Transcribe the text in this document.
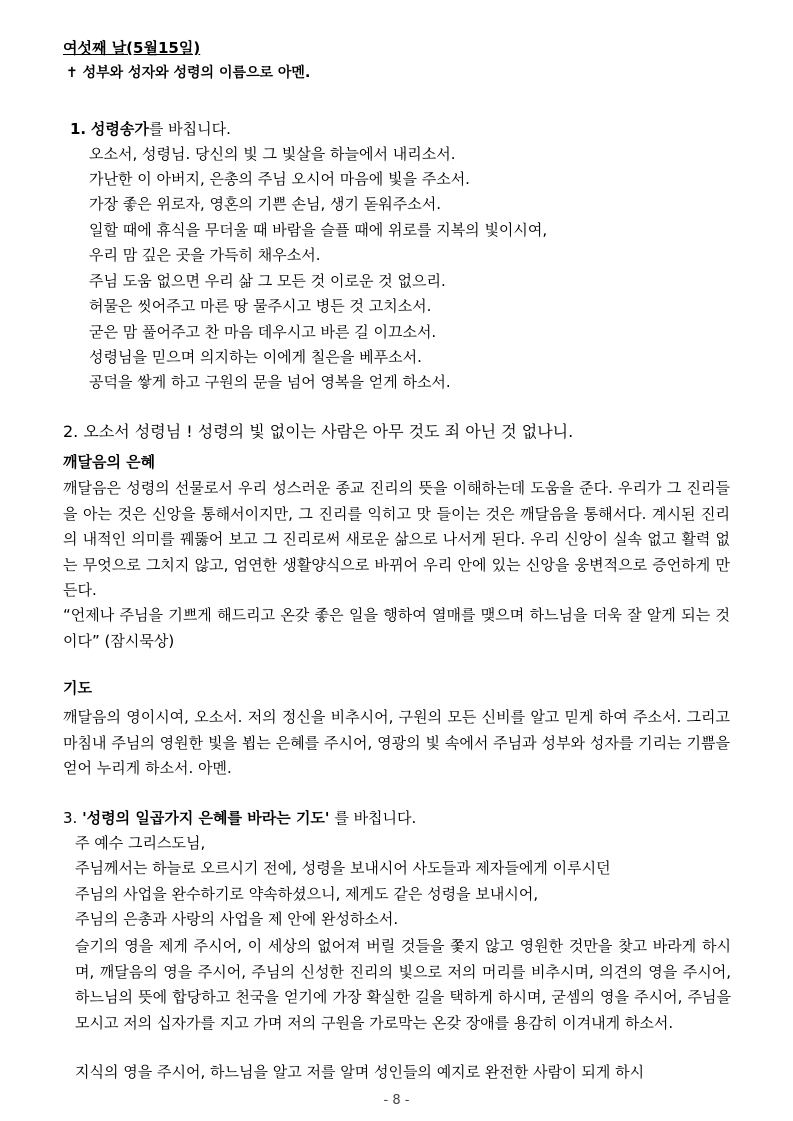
여섯째 날(5월15일)
✝ 성부와 성자와 성령의 이름으로 아멘.
1. 성령송가를 바칩니다.
오소서, 성령님. 당신의 빛 그 빛살을 하늘에서 내리소서.
가난한 이 아버지, 은총의 주님 오시어 마음에 빛을 주소서.
가장 좋은 위로자, 영혼의 기쁜 손님, 생기 돋워주소서.
일할 때에 휴식을 무더울 때 바람을 슬플 때에 위로를 지복의 빛이시여,
우리 맘 깊은 곳을 가득히 채우소서.
주님 도움 없으면 우리 삶 그 모든 것 이로운 것 없으리.
허물은 씻어주고 마른 땅 물주시고 병든 것 고치소서.
굳은 맘 풀어주고 찬 마음 데우시고 바른 길 이끄소서.
성령님을 믿으며 의지하는 이에게 칠은을 베푸소서.
공덕을 쌓게 하고 구원의 문을 넘어 영복을 얻게 하소서.
2. 오소서 성령님 ! 성령의 빛 없이는 사람은 아무 것도 죄 아닌 것 없나니.
깨달음의 은혜
깨달음은 성령의 선물로서 우리 성스러운 종교 진리의 뜻을 이해하는데 도움을 준다. 우리가 그 진리들을 아는 것은 신앙을 통해서이지만, 그 진리를 익히고 맛 들이는 것은 깨달음을 통해서다. 계시된 진리의 내적인 의미를 꿰뚫어 보고 그 진리로써 새로운 삶으로 나서게 된다. 우리 신앙이 실속 없고 활력 없는 무엇으로 그치지 않고, 엄연한 생활양식으로 바뀌어 우리 안에 있는 신앙을 웅변적으로 증언하게 만든다.
“언제나 주님을 기쁘게 해드리고 온갖 좋은 일을 행하여 열매를 맺으며 하느님을 더욱 잘 알게 되는 것이다” (잠시묵상)
기도
깨달음의 영이시여, 오소서. 저의 정신을 비추시어, 구원의 모든 신비를 알고 믿게 하여 주소서. 그리고 마침내 주님의 영원한 빛을 뵙는 은혜를 주시어, 영광의 빛 속에서 주님과 성부와 성자를 기리는 기쁨을 얻어 누리게 하소서. 아멘.
3. '성령의 일곱가지 은혜를 바라는 기도' 를 바칩니다.
주 예수 그리스도님,
주님께서는 하늘로 오르시기 전에, 성령을 보내시어 사도들과 제자들에게 이루시던
주님의 사업을 완수하기로 약속하셨으니, 제게도 같은 성령을 보내시어,
주님의 은총과 사랑의 사업을 제 안에 완성하소서.
슬기의 영을 제게 주시어, 이 세상의 없어져 버릴 것들을 쫓지 않고 영원한 것만을 찾고 바라게 하시며, 깨달음의 영을 주시어, 주님의 신성한 진리의 빛으로 저의 머리를 비추시며, 의견의 영을 주시어, 하느님의 뜻에 합당하고 천국을 얻기에 가장 확실한 길을 택하게 하시며, 굳셈의 영을 주시어, 주님을 모시고 저의 십자가를 지고 가며 저의 구원을 가로막는 온갖 장애를 용감히 이겨내게 하소서.
지식의 영을 주시어, 하느님을 알고 저를 알며 성인들의 예지로 완전한 사람이 되게 하시
- 8 -
